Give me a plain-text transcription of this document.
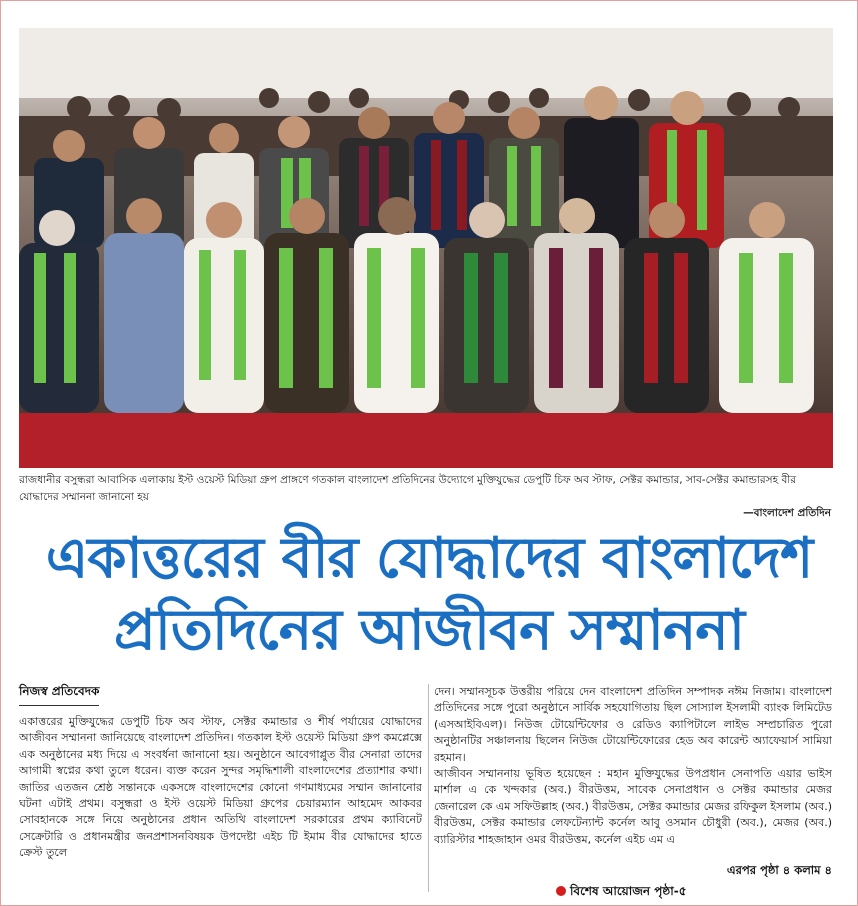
রাজধানীর বসুন্ধরা আবাসিক এলাকায় ইস্ট ওয়েস্ট মিডিয়া গ্রুপ প্রাঙ্গণে গতকাল বাংলাদেশ প্রতিদিনের উদ্যোগে মুক্তিযুদ্ধের ডেপুটি চিফ অব স্টাফ, সেক্টর কমান্ডার, সাব-সেক্টর কমান্ডারসহ বীর যোদ্ধাদের সম্মাননা জানানো হয়
—বাংলাদেশ প্রতিদিন
একাত্তরের বীর যোদ্ধাদের বাংলাদেশ
প্রতিদিনের আজীবন সম্মাননা
নিজস্ব প্রতিবেদক

একাত্তরের মুক্তিযুদ্ধের ডেপুটি চিফ অব স্টাফ, সেক্টর কমান্ডার ও শীর্ষ পর্যায়ের যোদ্ধাদের আজীবন সম্মাননা জানিয়েছে বাংলাদেশ প্রতিদিন। গতকাল ইস্ট ওয়েস্ট মিডিয়া গ্রুপ কমপ্লেক্সে এক অনুষ্ঠানের মধ্য দিয়ে এ সংবর্ধনা জানানো হয়। অনুষ্ঠানে আবেগাপ্লুত বীর সেনারা তাদের আগামী স্বপ্নের কথা তুলে ধরেন। ব্যক্ত করেন সুন্দর সমৃদ্ধিশালী বাংলাদেশের প্রত্যাশার কথা। জাতির এতজন শ্রেষ্ঠ সন্তানকে একসঙ্গে বাংলাদেশের কোনো গণমাধ্যমের সম্মান জানানোর ঘটনা এটাই প্রথম। বসুন্ধরা ও ইস্ট ওয়েস্ট মিডিয়া গ্রুপের চেয়ারম্যান আহমেদ আকবর সোবহানকে সঙ্গে নিয়ে অনুষ্ঠানের প্রধান অতিথি বাংলাদেশ সরকারের প্রথম ক্যাবিনেট সেক্রেটারি ও প্রধানমন্ত্রীর জনপ্রশাসনবিষয়ক উপদেষ্টা এইচ টি ইমাম বীর যোদ্ধাদের হাতে ক্রেস্ট তুলে

দেন। সম্মানসূচক উত্তরীয় পরিয়ে দেন বাংলাদেশ প্রতিদিন সম্পাদক নঈম নিজাম। বাংলাদেশ প্রতিদিনের সঙ্গে পুরো অনুষ্ঠানে সার্বিক সহযোগিতায় ছিল সোস্যাল ইসলামী ব্যাংক লিমিটেড (এসআইবিএল)। নিউজ টোয়েন্টিফোর ও রেডিও ক্যাপিটালে লাইভ সম্প্রচারিত পুরো অনুষ্ঠানটির সঞ্চালনায় ছিলেন নিউজ টোয়েন্টিফোরের হেড অব কারেন্ট অ্যাফেয়ার্স সামিয়া রহমান।

আজীবন সম্মাননায় ভূষিত হয়েছেন : মহান মুক্তিযুদ্ধের উপপ্রধান সেনাপতি এয়ার ভাইস মার্শাল এ কে খন্দকার (অব.) বীরউত্তম, সাবেক সেনাপ্রধান ও সেক্টর কমান্ডার মেজর জেনারেল কে এম সফিউল্লাহ (অব.) বীরউত্তম, সেক্টর কমান্ডার মেজর রফিকুল ইসলাম (অব.) বীরউত্তম, সেক্টর কমান্ডার লেফটেন্যান্ট কর্নেল আবু ওসমান চৌধুরী (অব.), মেজর (অব.) ব্যারিস্টার শাহজাহান ওমর বীরউত্তম, কর্নেল এইচ এম এ

এরপর পৃষ্ঠা ৪ কলাম ৪
বিশেষ আয়োজন পৃষ্ঠা-৫
